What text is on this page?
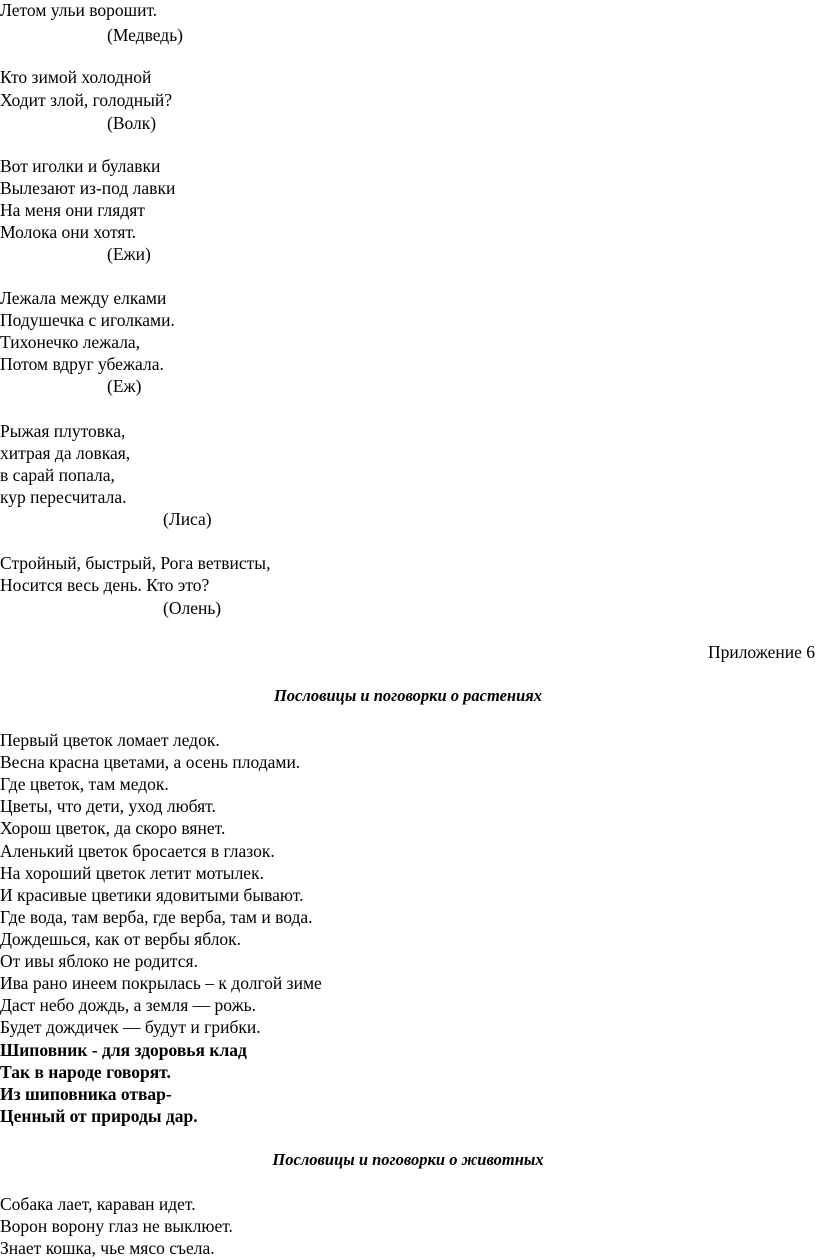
Летом ульи ворошит.
(Медведь)
Кто зимой холодной
Ходит злой, голодный?
(Волк)
Вот иголки и булавки
Вылезают из-под лавки
На меня они глядят
Молока они хотят.
(Ежи)
Лежала между елками
Подушечка с иголками.
Тихонечко лежала,
Потом вдруг убежала.
(Еж)
Рыжая плутовка,
хитрая да ловкая,
в сарай попала,
кур пересчитала.
(Лиса)
Стройный, быстрый, Рога ветвисты,
Носится весь день. Кто это?
(Олень)
Приложение 6
Пословицы и поговорки о растениях
Первый цветок ломает ледок.
Весна красна цветами, а осень плодами.
Где цветок, там медок.
Цветы, что дети, уход любят.
Хорош цветок, да скоро вянет.
Аленький цветок бросается в глазок.
На хороший цветок летит мотылек.
И красивые цветики ядовитыми бывают.
Где вода, там верба, где верба, там и вода.
Дождешься, как от вербы яблок.
От ивы яблоко не родится.
Ива рано инеем покрылась – к долгой зиме
Даст небо дождь, а земля — рожь.
Будет дождичек — будут и грибки.
Шиповник - для здоровья клад
Так в народе говорят.
Из шиповника отвар-
Ценный от природы дар.
Пословицы и поговорки о животных
Собака лает, караван идет.
Ворон ворону глаз не выклюет.
Знает кошка, чье мясо съела.
